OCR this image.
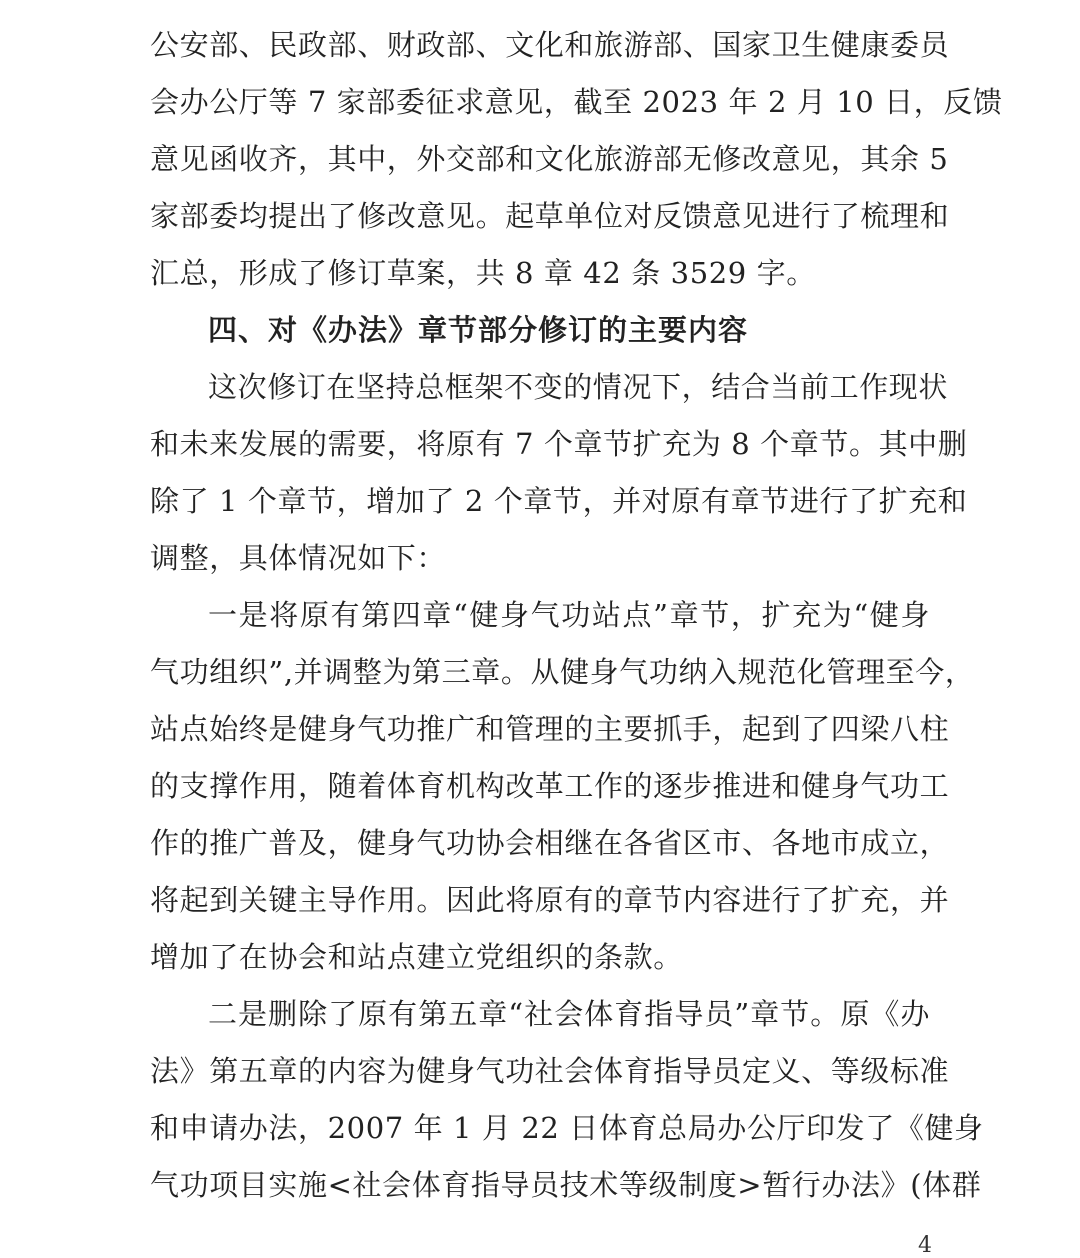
公安部、民政部、财政部、文化和旅游部、国家卫生健康委员
会办公厅等 7 家部委征求意见，截至 2023 年 2 月 10 日，反馈
意见函收齐，其中，外交部和文化旅游部无修改意见，其余 5
家部委均提出了修改意见。起草单位对反馈意见进行了梳理和
汇总，形成了修订草案，共 8 章 42 条 3529 字。
四、对《办法》章节部分修订的主要内容
这次修订在坚持总框架不变的情况下，结合当前工作现状
和未来发展的需要，将原有 7 个章节扩充为 8 个章节。其中删
除了 1 个章节，增加了 2 个章节，并对原有章节进行了扩充和
调整，具体情况如下：
一是将原有第四章“健身气功站点”章节，扩充为“健身
气功组织”,并调整为第三章。从健身气功纳入规范化管理至今，
站点始终是健身气功推广和管理的主要抓手，起到了四梁八柱
的支撑作用，随着体育机构改革工作的逐步推进和健身气功工
作的推广普及，健身气功协会相继在各省区市、各地市成立，
将起到关键主导作用。因此将原有的章节内容进行了扩充，并
增加了在协会和站点建立党组织的条款。
二是删除了原有第五章“社会体育指导员”章节。原《办
法》第五章的内容为健身气功社会体育指导员定义、等级标准
和申请办法，2007 年 1 月 22 日体育总局办公厅印发了《健身
气功项目实施<社会体育指导员技术等级制度>暂行办法》(体群
4
